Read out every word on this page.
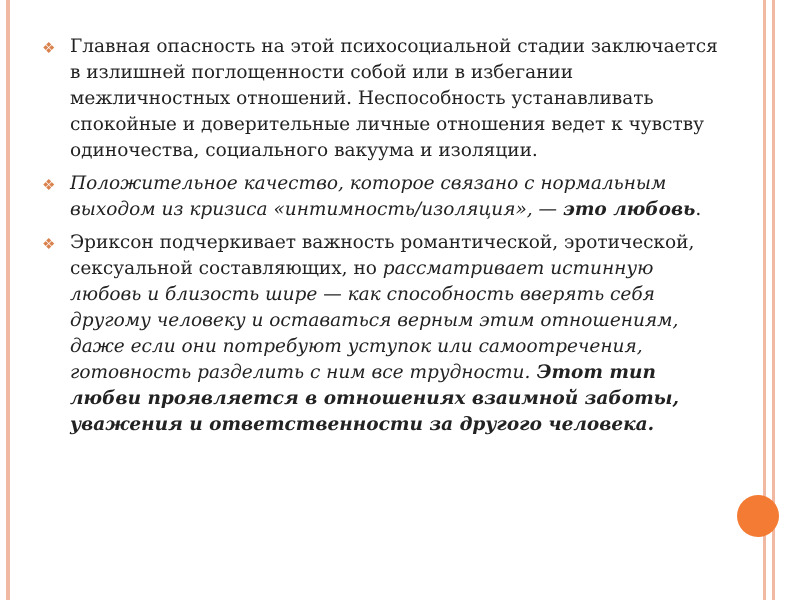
❖ Главная опасность на этой психосоциальной стадии заключается в излишней поглощенности собой или в избегании межличностных отношений. Неспособность устанавливать спокойные и доверительные личные отношения ведет к чувству одиночества, социального вакуума и изоляции.
❖ Положительное качество, которое связано с нормальным выходом из кризиса «интимность/изоляция», — это любовь.
❖ Эриксон подчеркивает важность романтической, эротической, сексуальной составляющих, но рассматривает истинную любовь и близость шире — как способность вверять себя другому человеку и оставаться верным этим отношениям, даже если они потребуют уступок или самоотречения, готовность разделить с ним все трудности. Этот тип любви проявляется в отношениях взаимной заботы, уважения и ответственности за другого человека.
